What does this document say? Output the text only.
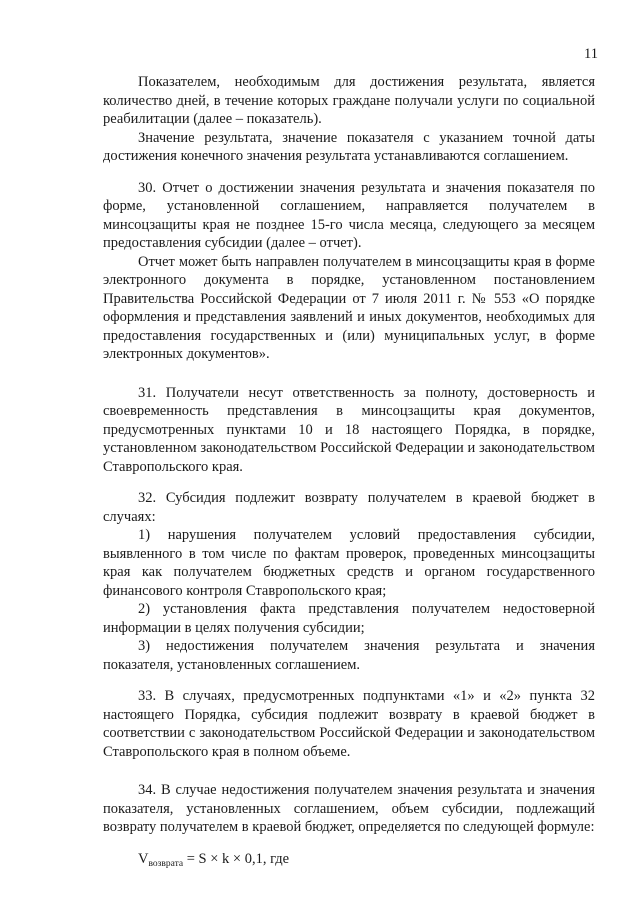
11

Показателем, необходимым для достижения результата, является количество дней, в течение которых граждане получали услуги по социальной реабилитации (далее – показатель).

Значение результата, значение показателя с указанием точной даты достижения конечного значения результата устанавливаются соглашением.

30. Отчет о достижении значения результата и значения показателя по форме, установленной соглашением, направляется получателем в минсоцзащиты края не позднее 15-го числа месяца, следующего за месяцем предоставления субсидии (далее – отчет).

Отчет может быть направлен получателем в минсоцзащиты края в форме электронного документа в порядке, установленном постановлением Правительства Российской Федерации от 7 июля 2011 г. № 553 «О порядке оформления и представления заявлений и иных документов, необходимых для предоставления государственных и (или) муниципальных услуг, в форме электронных документов».

31. Получатели несут ответственность за полноту, достоверность и своевременность представления в минсоцзащиты края документов, предусмотренных пунктами 10 и 18 настоящего Порядка, в порядке, установленном законодательством Российской Федерации и законодательством Ставропольского края.

32. Субсидия подлежит возврату получателем в краевой бюджет в случаях:

1) нарушения получателем условий предоставления субсидии, выявленного в том числе по фактам проверок, проведенных минсоцзащиты края как получателем бюджетных средств и органом государственного финансового контроля Ставропольского края;

2) установления факта представления получателем недостоверной информации в целях получения субсидии;

3) недостижения получателем значения результата и значения показателя, установленных соглашением.

33. В случаях, предусмотренных подпунктами «1» и «2» пункта 32 настоящего Порядка, субсидия подлежит возврату в краевой бюджет в соответствии с законодательством Российской Федерации и законодательством Ставропольского края в полном объеме.

34. В случае недостижения получателем значения результата и значения показателя, установленных соглашением, объем субсидии, подлежащий возврату получателем в краевой бюджет, определяется по следующей формуле:

$V_{возврата} = S \times k \times 0,1$, где
